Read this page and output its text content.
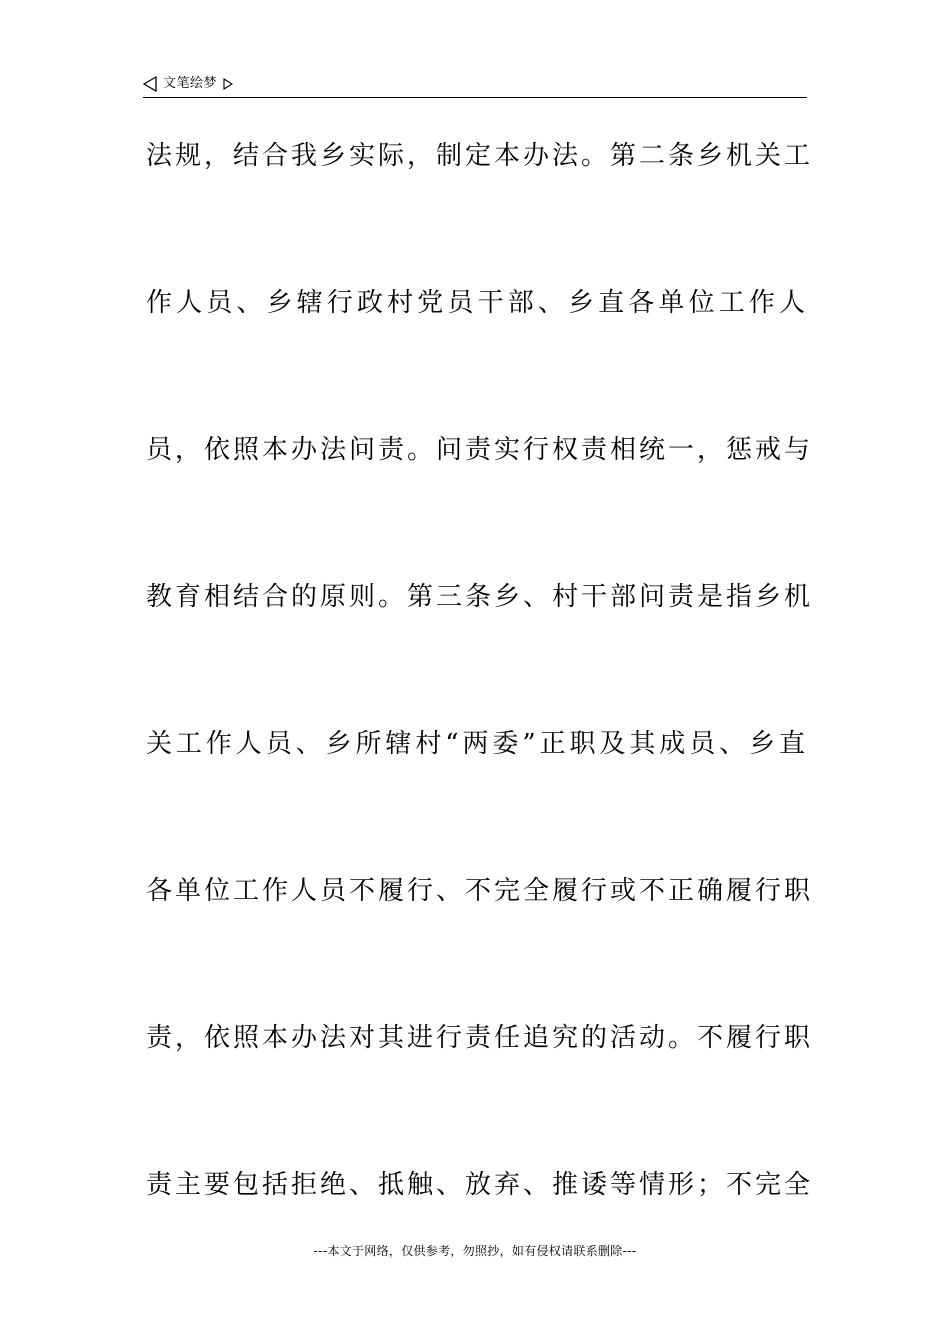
文笔绘梦
法规，结合我乡实际，制定本办法。第二条乡机关工
作人员、乡辖行政村党员干部、乡直各单位工作人
员，依照本办法问责。问责实行权责相统一，惩戒与
教育相结合的原则。第三条乡、村干部问责是指乡机
关工作人员、乡所辖村“两委”正职及其成员、乡直
各单位工作人员不履行、不完全履行或不正确履行职
责，依照本办法对其进行责任追究的活动。不履行职
责主要包括拒绝、抵触、放弃、推诿等情形；不完全
---本文于网络，仅供参考，勿照抄，如有侵权请联系删除---
